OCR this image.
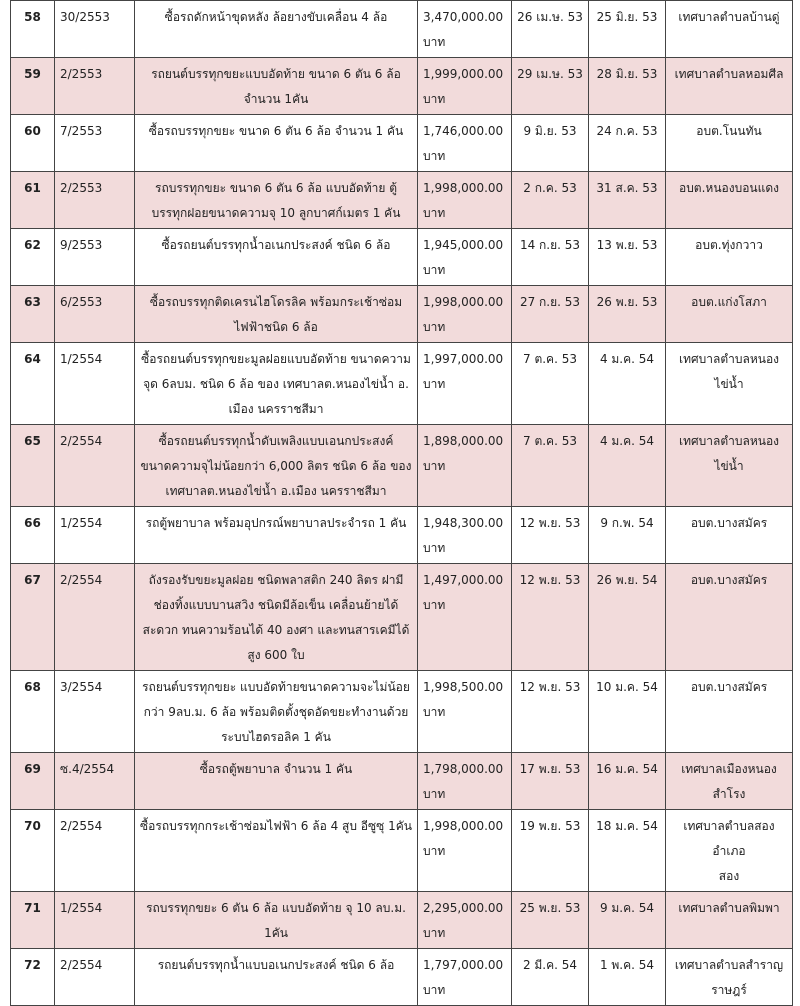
58	30/2553	ซื้อรถดักหน้าขุดหลัง ล้อยางขับเคลื่อน 4 ล้อ	3,470,000.00
บาท	26 เม.ษ. 53	25 มิ.ย. 53	เทศบาลตำบลบ้านดู่

59	2/2553	รถยนต์บรรทุกขยะแบบอัดท้าย ขนาด 6 ตัน 6 ล้อ
จำนวน 1คัน	1,999,000.00
บาท	29 เม.ษ. 53	28 มิ.ย. 53	เทศบาลตำบลหอมศีล

60	7/2553	ซื้อรถบรรทุกขยะ ขนาด 6 ตัน 6 ล้อ จำนวน 1 คัน	1,746,000.00
บาท	9 มิ.ย. 53	24 ก.ค. 53	อบต.โนนทัน

61	2/2553	รถบรรทุกขยะ ขนาด 6 ตัน 6 ล้อ แบบอัดท้าย ตู้
บรรทุกฝอยขนาดความจุ 10 ลูกบาศก์เมตร 1 คัน	1,998,000.00
บาท	2 ก.ค. 53	31 ส.ค. 53	อบต.หนองบอนแดง

62	9/2553	ซื้อรถยนต์บรรทุกน้ำอเนกประสงค์ ชนิด 6 ล้อ	1,945,000.00
บาท	14 ก.ย. 53	13 พ.ย. 53	อบต.ทุ่งกวาว

63	6/2553	ซื้อรถบรรทุกติดเครนไฮโดรลิค พร้อมกระเช้าซ่อม
ไฟฟ้าชนิด 6 ล้อ	1,998,000.00
บาท	27 ก.ย. 53	26 พ.ย. 53	อบต.แก่งโสภา

64	1/2554	ซื้อรถยนต์บรรทุกขยะมูลฝอยแบบอัดท้าย ขนาดความ
จุด 6ลบม. ชนิด 6 ล้อ ของ เทศบาลต.หนองไข่น้ำ อ.
เมือง นครราชสีมา	1,997,000.00
บาท	7 ต.ค. 53	4 ม.ค. 54	เทศบาลตำบลหนองไข่น้ำ

65	2/2554	ซื้อรถยนต์บรรทุกน้ำดับเพลิงแบบเอนกประสงค์
ขนาดความจุไม่น้อยกว่า 6,000 ลิตร ชนิด 6 ล้อ ของ
เทศบาลต.หนองไข่น้ำ อ.เมือง นครราชสีมา	1,898,000.00
บาท	7 ต.ค. 53	4 ม.ค. 54	เทศบาลตำบลหนองไข่น้ำ

66	1/2554	รถตู้พยาบาล พร้อมอุปกรณ์พยาบาลประจำรถ 1 คัน	1,948,300.00
บาท	12 พ.ย. 53	9 ก.พ. 54	อบต.บางสมัคร

67	2/2554	ถังรองรับขยะมูลฝอย ชนิดพลาสติก 240 ลิตร ฝามี
ช่องทิ้งแบบบานสวิง ชนิดมีล้อเข็น เคลื่อนย้ายได้
สะดวก ทนความร้อนได้ 40 องศา และทนสารเคมีได้
สูง 600 ใบ	1,497,000.00
บาท	12 พ.ย. 53	26 พ.ย. 54	อบต.บางสมัคร

68	3/2554	รถยนต์บรรทุกขยะ แบบอัดท้ายขนาดความจะไม่น้อย
กว่า 9ลบ.ม. 6 ล้อ พร้อมติดตั้งชุดอัดขยะทำงานด้วย
ระบบไฮดรอลิค 1 คัน	1,998,500.00
บาท	12 พ.ย. 53	10 ม.ค. 54	อบต.บางสมัคร

69	ซ.4/2554	ซื้อรถตู้พยาบาล จำนวน 1 คัน	1,798,000.00
บาท	17 พ.ย. 53	16 ม.ค. 54	เทศบาลเมืองหนองสำโรง

70	2/2554	ซื้อรถบรรทุกกระเช้าซ่อมไฟฟ้า 6 ล้อ 4 สูบ อีซูซุ 1คัน	1,998,000.00
บาท	19 พ.ย. 53	18 ม.ค. 54	เทศบาลตำบลสอง อำเภอ
สอง

71	1/2554	รถบรรทุกขยะ 6 ตัน 6 ล้อ แบบอัดท้าย จุ 10 ลบ.ม.
1คัน	2,295,000.00
บาท	25 พ.ย. 53	9 ม.ค. 54	เทศบาลตำบลพิมพา

72	2/2554	รถยนต์บรรทุกน้ำแบบอเนกประสงค์ ชนิด 6 ล้อ	1,797,000.00
บาท	2 มี.ค. 54	1 พ.ค. 54	เทศบาลตำบลสำราญ
ราษฎร์
